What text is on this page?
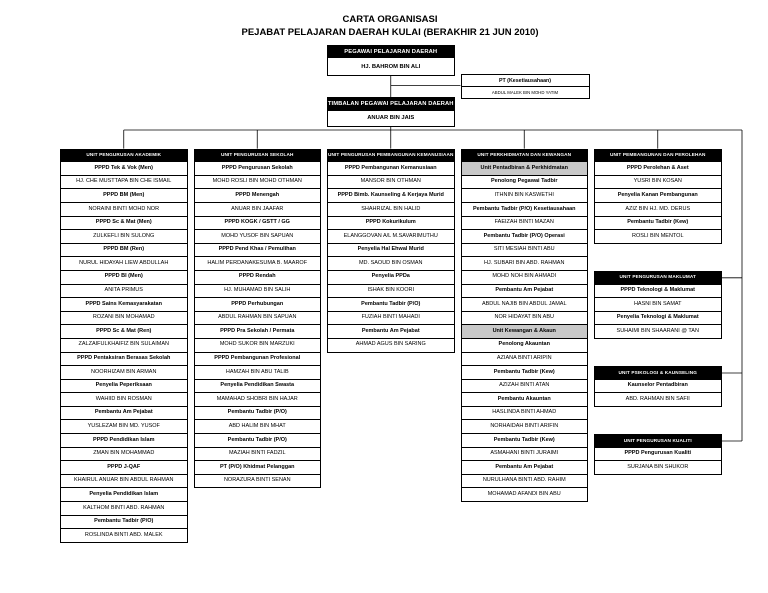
CARTA ORGANISASI
PEJABAT PELAJARAN DAERAH KULAI (BERAKHIR 21 JUN 2010)
PEGAWAI PELAJARAN DAERAH
HJ. BAHROM BIN ALI
PT (Kesetiausahaan)
ABDUL MALEK BIN MOHD YATIM
TIMBALAN PEGAWAI PELAJARAN DAERAH
ANUAR BIN JAIS
UNIT PENGURUSAN AKADEMIK
PPPD Tek & Vok (Men)
HJ. CHE MUSTTAPA BIN CHE ISMAIL
PPPD BM (Men)
NORAINI BINTI MOHD NOR
PPPD Sc & Mat (Men)
ZULKEFLI BIN SULONG
PPPD BM (Ren)
NURUL HIDAYAH LIEW ABDULLAH
PPPD BI (Men)
ANITA PRIMUS
PPPD Sains Kemasyarakatan
ROZANI BIN MOHAMAD
PPPD Sc & Mat (Ren)
ZALZAIFULKHAIFIZ BIN SULAIMAN
PPPD Pentaksiran Berasas Sekolah
NOORHIZAM BIN ARMAN
Penyelia Peperiksaan
WAHIID BIN ROSMAN
Pembantu Am Pejabat
YUSLEZAM BIN MD. YUSOF
PPPD Pendidikan Islam
ZMAN BIN MOHAMMAD
PPPD J-QAF
KHAIRUL ANUAR BIN ABDUL RAHMAN
Penyelia Pendidikan Islam
KALTHOM BINTI ABD. RAHMAN
Pembantu Tadbir (P/O)
ROSLINDA BINTI ABD. MALEK
UNIT PENGURUSAN SEKOLAH
PPPD Pengurusan Sekolah
MOHD ROSLI BIN MOHD OTHMAN
PPPD Menengah
ANUAR BIN JAAFAR
PPPD KOGK / GSTT / GG
MOHD YUSOF BIN SAPUAN
PPPD Pend Khas / Pemulihan
HALIM PERDANAKESUMA B. MAAROF
PPPD Rendah
HJ. MUHAMAD BIN SALIH
PPPD Perhubungan
ABDUL RAHMAN BIN SAPUAN
PPPD Pra Sekolah / Permata
MOHD SUKOR BIN MARZUKI
PPPD Pembangunan Profesional
HAMZAH BIN ABU TALIB
Penyelia Pendidikan Swasta
MAMAHAD SHOBRI BIN HAJAR
Pembantu Tadbir (P/O)
ABD HALIM BIN MHAT
Pembantu Tadbir (P/O)
MAZIAH BINTI FADZIL
PT (P/O) Khidmat Pelanggan
NORAZURA BINTI SENAN
UNIT PENGURUSAN PEMBANGUNAN KEMANUSIAAN
PPPD Pembangunan Kemanusiaan
MANSOR BIN OTHMAN
PPPD Bimb. Kaunseling & Kerjaya Murid
SHAHRIZAL BIN HALID
PPPD Kokurikulum
ELANGGOVAN A/L M.SAVARIMUTHU
Penyelia Hal Ehwal Murid
MD. SAOUD BIN OSMAN
Penyelia PPDa
ISHAK BIN KOORI
Pembantu Tadbir (P/O)
FUZIAH BINTI MAHADI
Pembantu Am Pejabat
AHMAD AGUS BIN SARING
UNIT PERKHIDMATAN DAN KEWANGAN
Unit Pentadbiran & Perkhidmatan
Penolong Pegawai Tadbir
ITHNIN BIN KASWETHI
Pembantu Tadbir (P/O) Kesetiausahaan
FAEIZAH BINTI MAZAN
Pembantu Tadbir (P/O) Operasi
SITI MESIAH BINTI ABU
HJ. SUBARI BIN ABD. RAHMAN
MOHD NOH BIN AHMADI
Pembantu Am Pejabat
ABDUL NAJIB BIN ABDUL JAMAL
NOR HIDAYAT BIN ABU
Unit Kewangan & Akaun
Penolong Akauntan
AZIANA BINTI ARIPIN
Pembantu Tadbir (Kew)
AZIZAH BINTI ATAN
Pembantu Akauntan
HASLINDA BINTI AHMAD
NORHAIDAH BINTI ARIFIN
Pembantu Tadbir (Kew)
ASMAHANI BINTI JURAIMI
Pembantu Am Pejabat
NURULHANA BINTI ABD. RAHIM
MOHAMAD AFANDI BIN ABU
UNIT PEMBANGUNAN DAN PEROLEHAN
PPPD Perolehan & Aset
YUSRI BIN KOSAN
Penyelia Kanan Pembangunan
AZIZ BIN HJ. MD. DERUS
Pembantu Tadbir (Kew)
ROSLI BIN MENTOL
UNIT PENGURUSAN MAKLUMAT
PPPD Teknologi & Maklumat
HASNI BIN SAMAT
Penyelia Teknologi & Maklumat
SUHAIMI BIN SHAARANI @ TAN
UNIT PSIKOLOGI & KAUNSELING
Kaunselor Pentadbiran
ABD. RAHMAN BIN SAFII
UNIT PENGURUSAN KUALITI
PPPD Pengurusan Kualiti
SURJANA BIN SHUKOR
